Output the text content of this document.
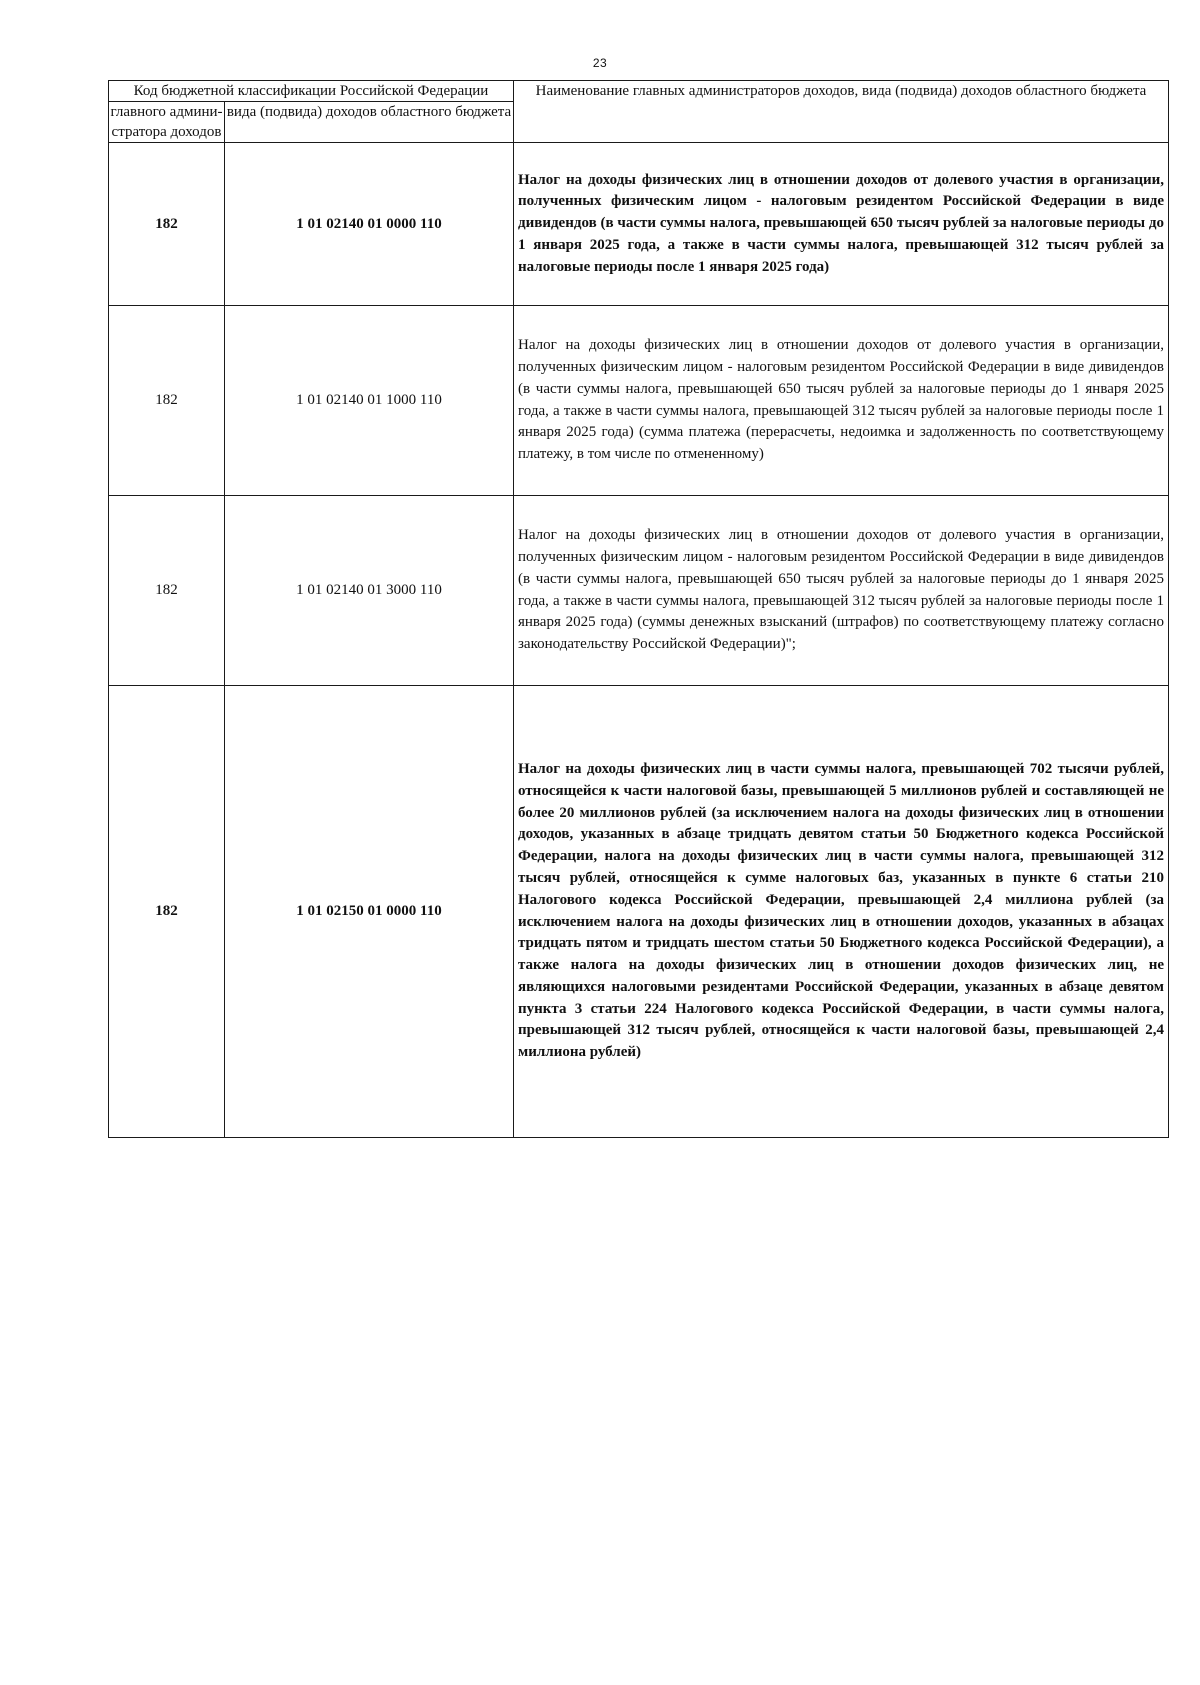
23
Код бюджетной классификации Российской Федерации		Наименование главных администраторов доходов, вида (подвида) доходов областного бюджета
главного админи- стратора доходов	вида (подвида) доходов областного бюджета	
182	1 01 02140 01 0000 110	Налог на доходы физических лиц в отношении доходов от долевого участия в организации, полученных физическим лицом - налоговым резидентом Российской Федерации в виде дивидендов (в части суммы налога, превышающей 650 тысяч рублей за налоговые периоды до 1 января 2025 года, а также в части суммы налога, превышающей 312 тысяч рублей за налоговые периоды после 1 января 2025 года)
182	1 01 02140 01 1000 110	Налог на доходы физических лиц в отношении доходов от долевого участия в организации, полученных физическим лицом - налоговым резидентом Российской Федерации в виде дивидендов (в части суммы налога, превышающей 650 тысяч рублей за налоговые периоды до 1 января 2025 года, а также в части суммы налога, превышающей 312 тысяч рублей за налоговые периоды после 1 января 2025 года) (сумма платежа (перерасчеты, недоимка и задолженность по соответствующему платежу, в том числе по отмененному)
182	1 01 02140 01 3000 110	Налог на доходы физических лиц в отношении доходов от долевого участия в организации, полученных физическим лицом - налоговым резидентом Российской Федерации в виде дивидендов (в части суммы налога, превышающей 650 тысяч рублей за налоговые периоды до 1 января 2025 года, а также в части суммы налога, превышающей 312 тысяч рублей за налоговые периоды после 1 января 2025 года) (суммы денежных взысканий (штрафов) по соответствующему платежу согласно законодательству Российской Федерации)";
182	1 01 02150 01 0000 110	Налог на доходы физических лиц в части суммы налога, превышающей 702 тысячи рублей, относящейся к части налоговой базы, превышающей 5 миллионов рублей и составляющей не более 20 миллионов рублей (за исключением налога на доходы физических лиц в отношении доходов, указанных в абзаце тридцать девятом статьи 50 Бюджетного кодекса Российской Федерации, налога на доходы физических лиц в части суммы налога, превышающей 312 тысяч рублей, относящейся к сумме налоговых баз, указанных в пункте 6 статьи 210 Налогового кодекса Российской Федерации, превышающей 2,4 миллиона рублей (за исключением налога на доходы физических лиц в отношении доходов, указанных в абзацах тридцать пятом и тридцать шестом статьи 50 Бюджетного кодекса Российской Федерации), а также налога на доходы физических лиц в отношении доходов физических лиц, не являющихся налоговыми резидентами Российской Федерации, указанных в абзаце девятом пункта 3 статьи 224 Налогового кодекса Российской Федерации, в части суммы налога, превышающей 312 тысяч рублей, относящейся к части налоговой базы, превышающей 2,4 миллиона рублей)
